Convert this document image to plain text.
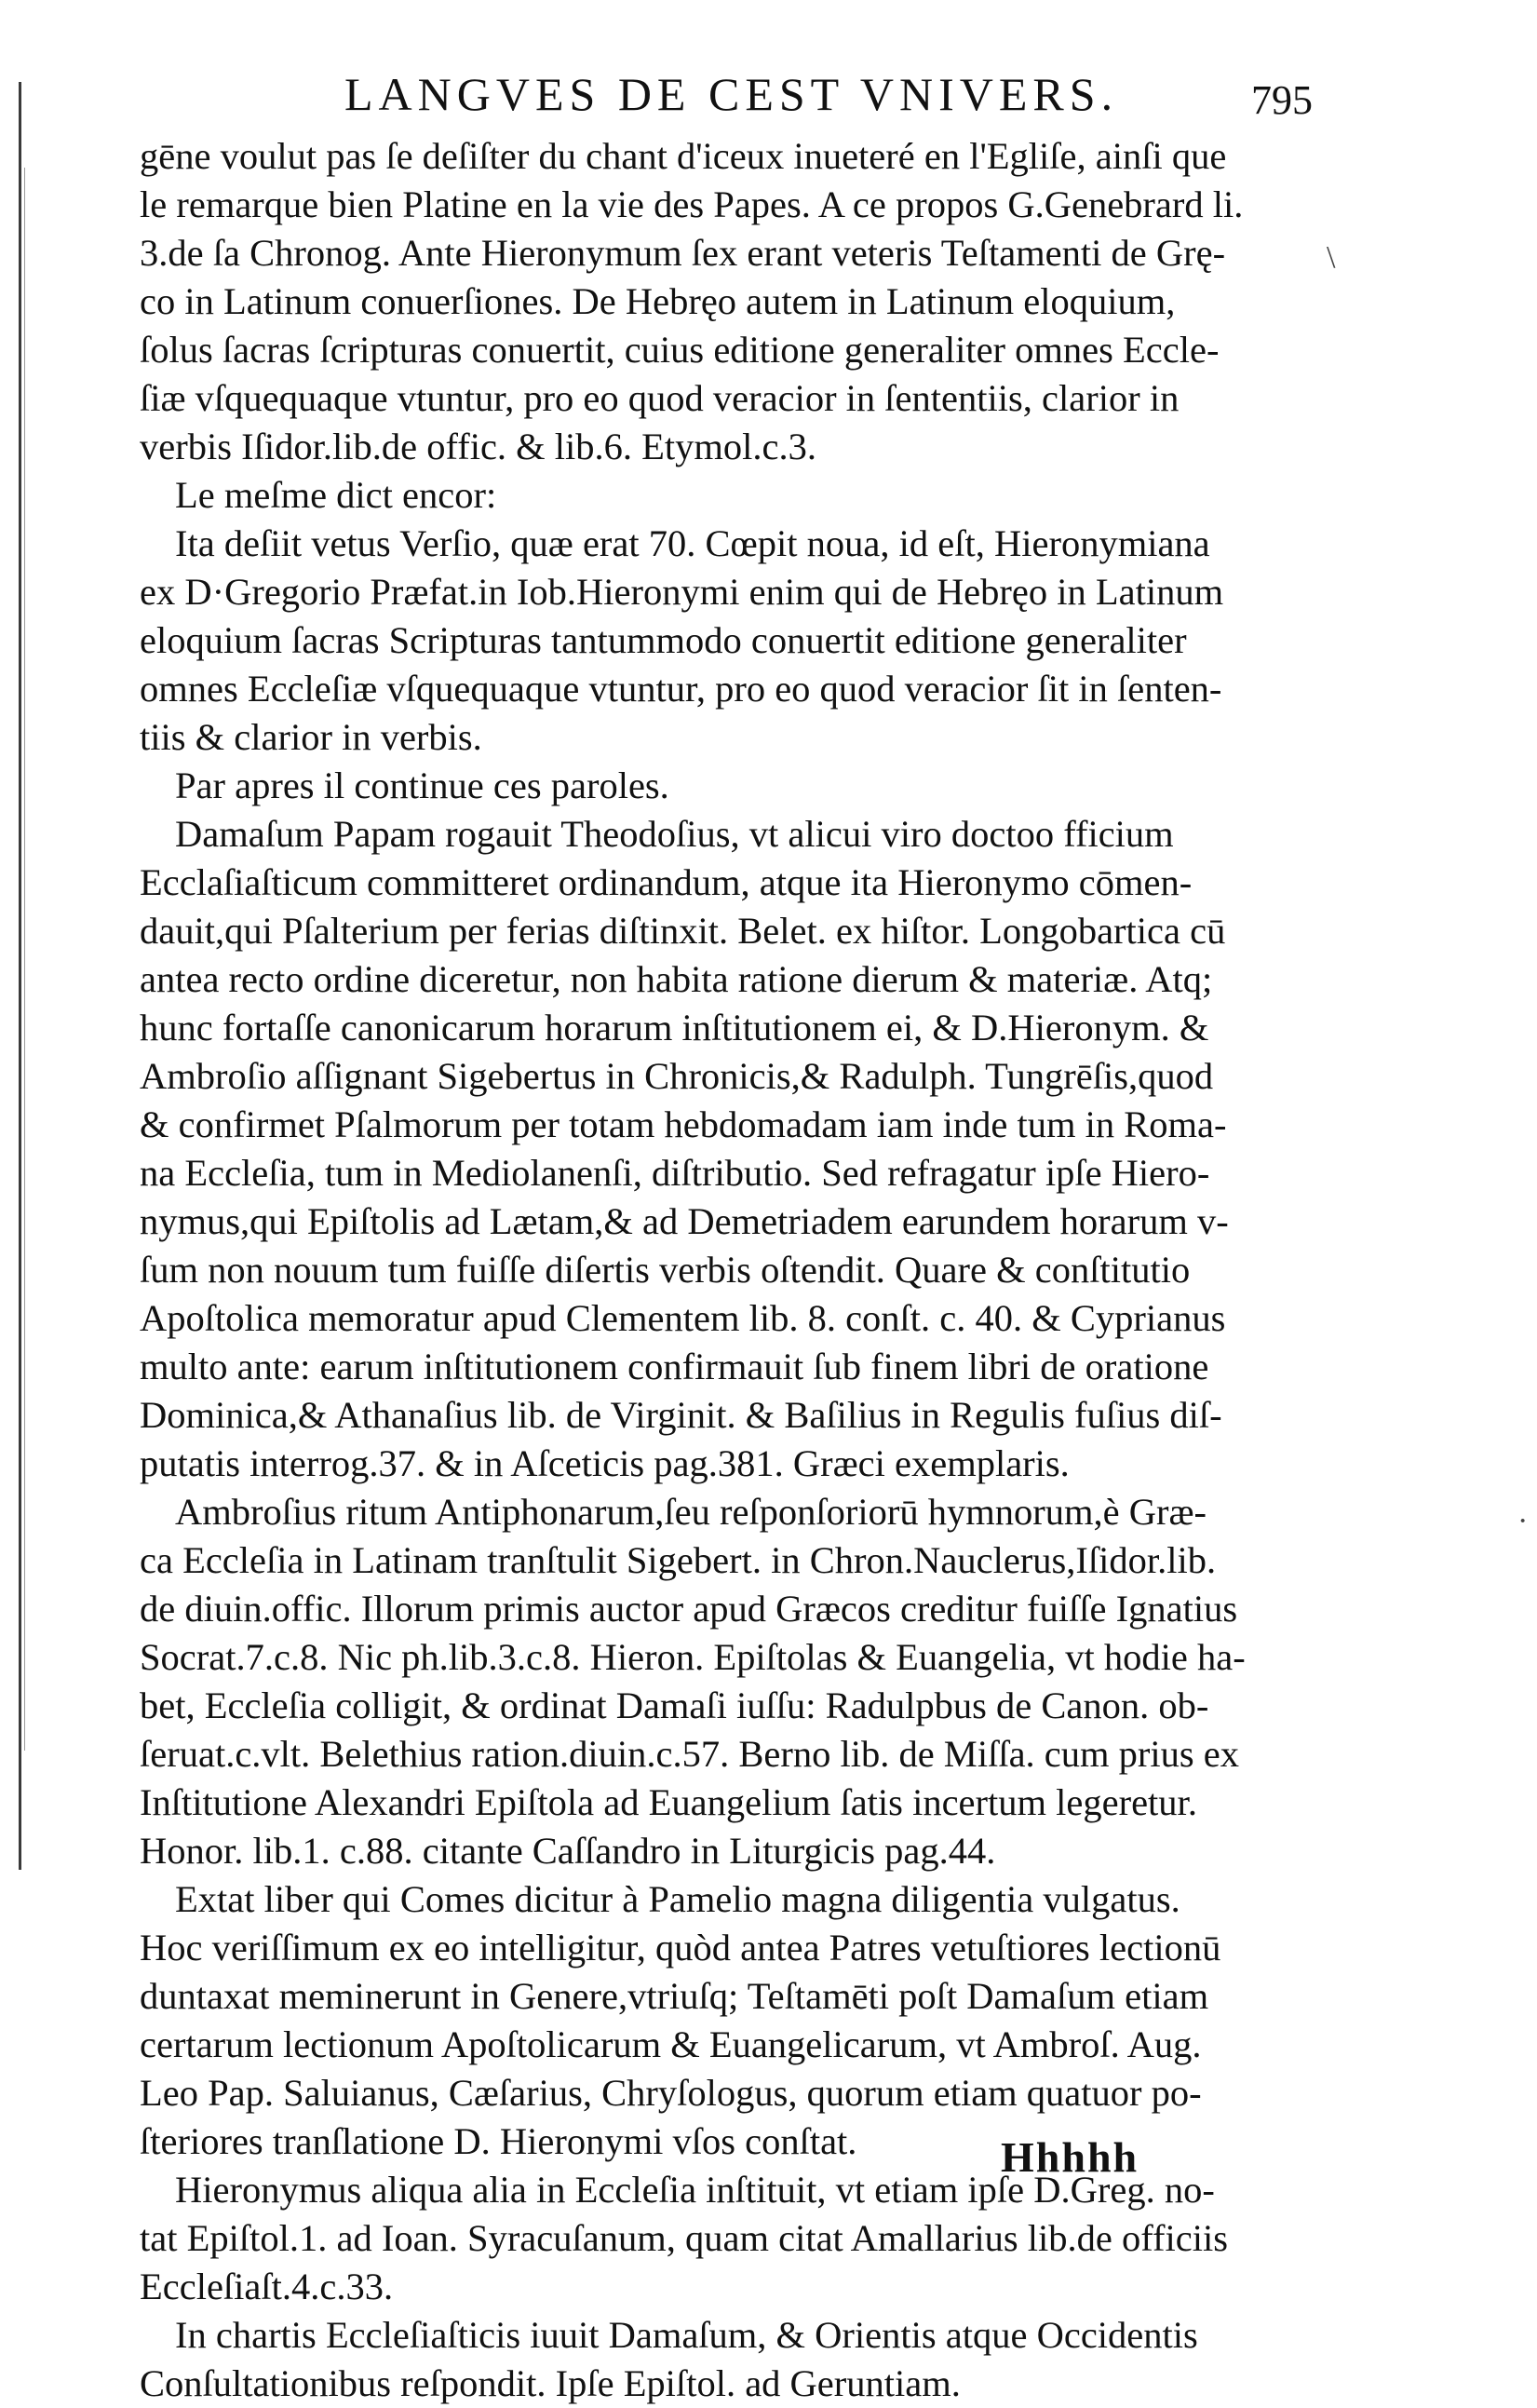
LANGVES DE CEST VNIVERS.	795
gēne voulut pas ſe deſiſter du chant d'iceux inueteré en l'Egliſe, ainſi que
le remarque bien Platine en la vie des Papes. A ce propos G.Genebrard li.
3.de ſa Chronog. Ante Hieronymum ſex erant veteris Teſtamenti de Grę-
co in Latinum conuerſiones. De Hebręo autem in Latinum eloquium,
ſolus ſacras ſcripturas conuertit, cuius editione generaliter omnes Eccle-
ſiæ vſquequaque vtuntur, pro eo quod veracior in ſententiis, clarior in
verbis Iſidor.lib.de offic. & lib.6. Etymol.c.3.
Le meſme dict encor:
Ita deſiit vetus Verſio, quæ erat 70. Cœpit noua, id eſt, Hieronymiana
ex D·Gregorio Præfat.in Iob.Hieronymi enim qui de Hebręo in Latinum
eloquium ſacras Scripturas tantummodo conuertit editione generaliter
omnes Eccleſiæ vſquequaque vtuntur, pro eo quod veracior ſit in ſenten-
tiis & clarior in verbis.
Par apres il continue ces paroles.
Damaſum Papam rogauit Theodoſius, vt alicui viro doctoo fficium
Ecclaſiaſticum committeret ordinandum, atque ita Hieronymo cōmen-
dauit,qui Pſalterium per ferias diſtinxit. Belet. ex hiſtor. Longobartica cū
antea recto ordine diceretur, non habita ratione dierum & materiæ. Atq;
hunc fortaſſe canonicarum horarum inſtitutionem ei, & D.Hieronym. &
Ambroſio aſſignant Sigebertus in Chronicis,& Radulph. Tungrēſis,quod
& confirmet Pſalmorum per totam hebdomadam iam inde tum in Roma-
na Eccleſia, tum in Mediolanenſi, diſtributio. Sed refragatur ipſe Hiero-
nymus,qui Epiſtolis ad Lætam,& ad Demetriadem earundem horarum v-
ſum non nouum tum fuiſſe diſertis verbis oſtendit. Quare & conſtitutio
Apoſtolica memoratur apud Clementem lib. 8. conſt. c. 40. & Cyprianus
multo ante: earum inſtitutionem confirmauit ſub finem libri de oratione
Dominica,& Athanaſius lib. de Virginit. & Baſilius in Regulis fuſius diſ-
putatis interrog.37. & in Aſceticis pag.381. Græci exemplaris.
Ambroſius ritum Antiphonarum,ſeu reſponſoriorū hymnorum,è Græ-
ca Eccleſia in Latinam tranſtulit Sigebert. in Chron.Nauclerus,Iſidor.lib.
de diuin.offic. Illorum primis auctor apud Græcos creditur fuiſſe Ignatius
Socrat.7.c.8. Nic ph.lib.3.c.8. Hieron. Epiſtolas & Euangelia, vt hodie ha-
bet, Eccleſia colligit, & ordinat Damaſi iuſſu: Radulpbus de Canon. ob-
ſeruat.c.vlt. Belethius ration.diuin.c.57. Berno lib. de Miſſa. cum prius ex
Inſtitutione Alexandri Epiſtola ad Euangelium ſatis incertum legeretur.
Honor. lib.1. c.88. citante Caſſandro in Liturgicis pag.44.
Extat liber qui Comes dicitur à Pamelio magna diligentia vulgatus.
Hoc veriſſimum ex eo intelligitur, quòd antea Patres vetuſtiores lectionū
duntaxat meminerunt in Genere,vtriuſq; Teſtamēti poſt Damaſum etiam
certarum lectionum Apoſtolicarum & Euangelicarum, vt Ambroſ. Aug.
Leo Pap. Saluianus, Cæſarius, Chryſologus, quorum etiam quatuor po-
ſteriores tranſlatione D. Hieronymi vſos conſtat.
Hieronymus aliqua alia in Eccleſia inſtituit, vt etiam ipſe D.Greg. no-
tat Epiſtol.1. ad Ioan. Syracuſanum, quam citat Amallarius lib.de officiis
Eccleſiaſt.4.c.33.
In chartis Eccleſiaſticis iuuit Damaſum, & Orientis atque Occidentis
Conſultationibus reſpondit. Ipſe Epiſtol. ad Geruntiam.
Hhhhh
\
·
